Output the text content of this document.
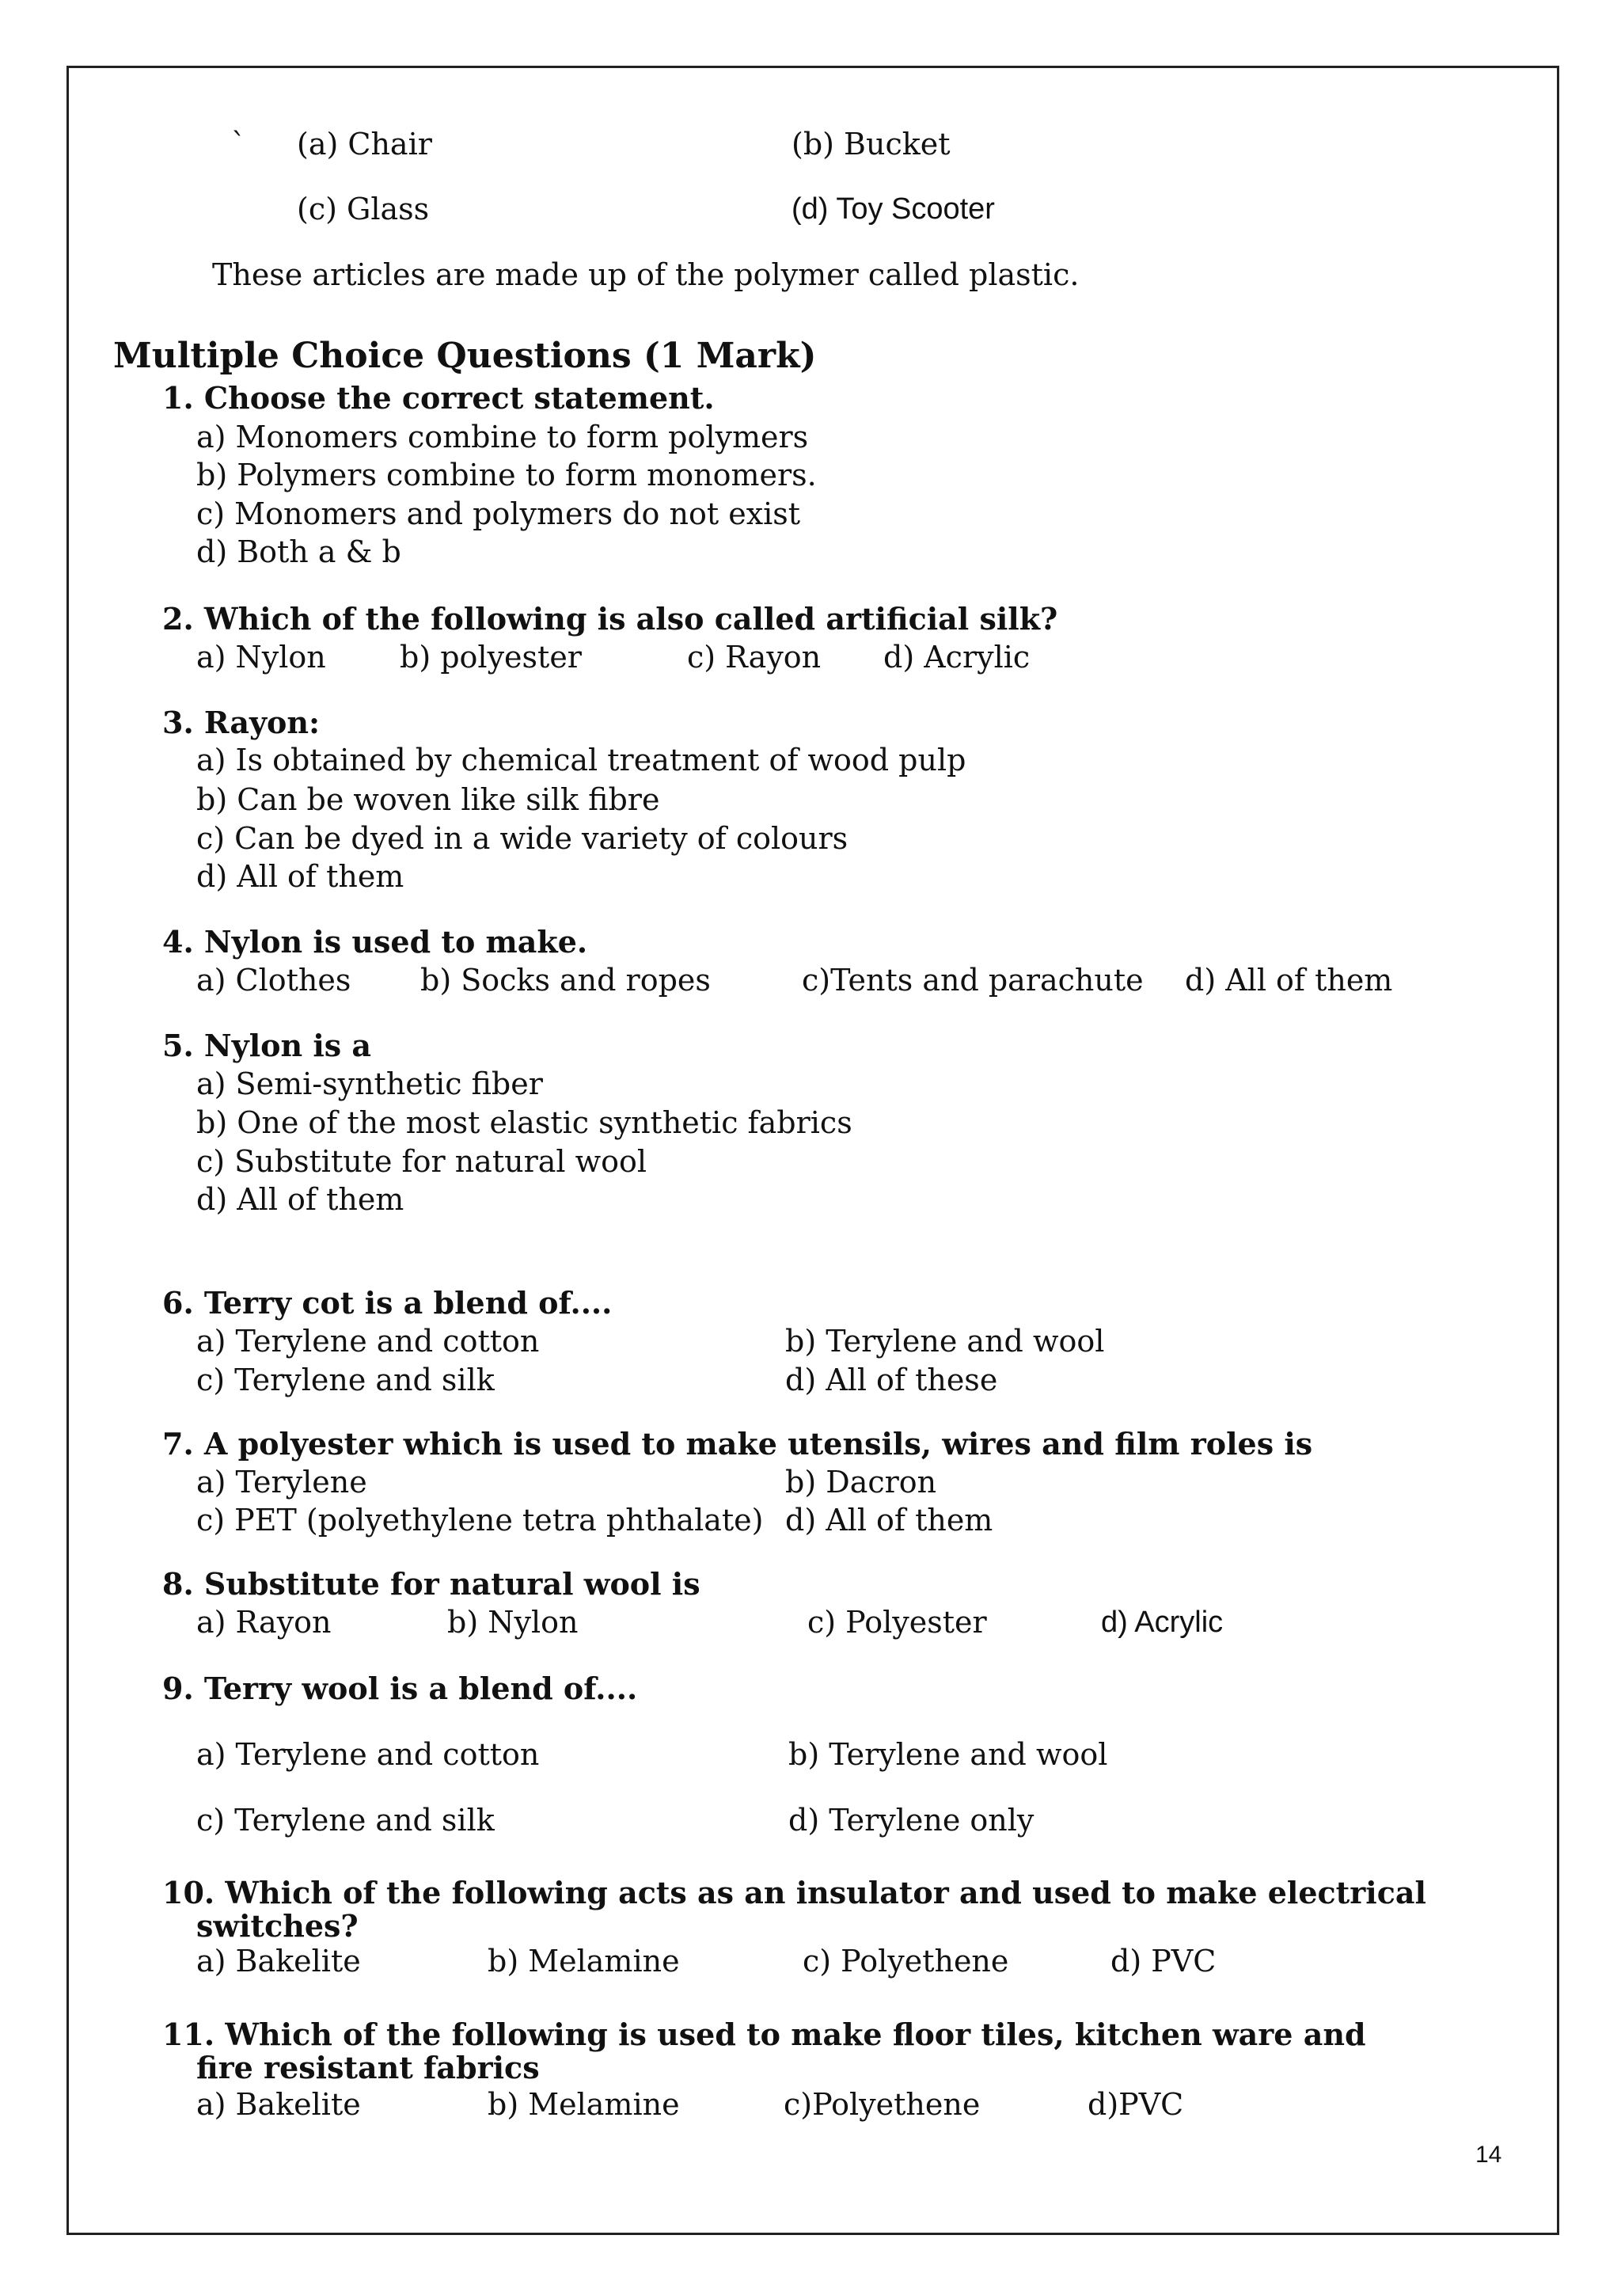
` (a) Chair	(b) Bucket
(c) Glass	(d) Toy Scooter
These articles are made up of the polymer called plastic.
Multiple Choice Questions (1 Mark)
1. Choose the correct statement.
a) Monomers combine to form polymers
b) Polymers combine to form monomers.
c) Monomers and polymers do not exist
d) Both a & b
2. Which of the following is also called artificial silk?
a) Nylon b) polyester	c) Rayon d) Acrylic
3. Rayon:
a) Is obtained by chemical treatment of wood pulp
b) Can be woven like silk fibre
c) Can be dyed in a wide variety of colours
d) All of them
4. Nylon is used to make.
a) Clothes b) Socks and ropes	c)Tents and parachute d) All of them
5. Nylon is a
a) Semi-synthetic fiber
b) One of the most elastic synthetic fabrics
c) Substitute for natural wool
d) All of them
6. Terry cot is a blend of....
a) Terylene and cotton	b) Terylene and wool
c) Terylene and silk	d) All of these
7. A polyester which is used to make utensils, wires and film roles is
a) Terylene	b) Dacron
c) PET (polyethylene tetra phthalate) d) All of them
8. Substitute for natural wool is
a) Rayon	b) Nylon	c) Polyester	d) Acrylic
9. Terry wool is a blend of....
a) Terylene and cotton	b) Terylene and wool
c) Terylene and silk	d) Terylene only
10. Which of the following acts as an insulator and used to make electrical
switches?
a) Bakelite	b) Melamine	c) Polyethene	d) PVC
11. Which of the following is used to make floor tiles, kitchen ware and
fire resistant fabrics
a) Bakelite	b) Melamine	c)Polyethene	d)PVC
14
